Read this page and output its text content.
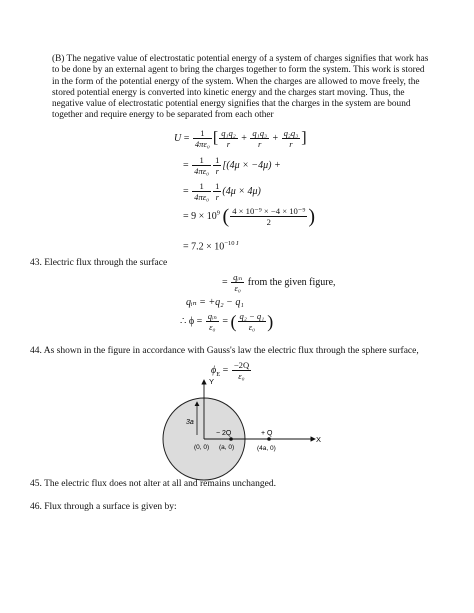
(B) The negative value of electrostatic potential energy of a system of charges signifies that work has
to be done by an external agent to bring the charges together to form the system. This work is stored
in the form of the potential energy of the system. When the charges are allowed to move freely, the
stored potential energy is converted into kinetic energy and the charges start moving. Thus, the
negative value of electrostatic potential energy signifies that the charges in the system are bound
together and require energy to be separated from each other
$U = \frac{1}{\text{4πε₀}}$ [ $\frac{\text{q₁q₂}}{r} + \frac{\text{q₁q₃}}{r} + \frac{\text{q₂q₃}}{r}$ ]
= $\frac{1}{\text{4πε₀}} \frac{1}{r} [(4\mu \times -4\mu)$ +
= $\frac{1}{\text{4πε₀}} \frac{1}{r} (4\mu \times 4\mu)$
= $9 \times 10^9$ ( $\frac{\text{4 × 10⁻⁹ × −4 × 10⁻⁹}}{2}$ )
= $7.2 \times 10^{-10 J}$
43. Electric flux through the surface
= $\frac{\text{qᵢₙ}}{\text{ε₀}}$ from the given figure,
qᵢₙ = +q₂ − q₁
∴ $\phi = \frac{\text{qᵢₙ}}{\text{ε₀}}$ = ( $\frac{\text{q₂ − q₁}}{\text{ε₀}}$ )
44. As shown in the figure in accordance with Gauss's law the electric flux through the sphere surface,
$\phi_E = \frac{-2Q}{\text{ε₀}}$
Y
X
3a
− 2Q	+ Q
(0, 0) (a, 0)	(4a, 0)
45. The electric flux does not alter at all and remains unchanged.
46. Flux through a surface is given by:
